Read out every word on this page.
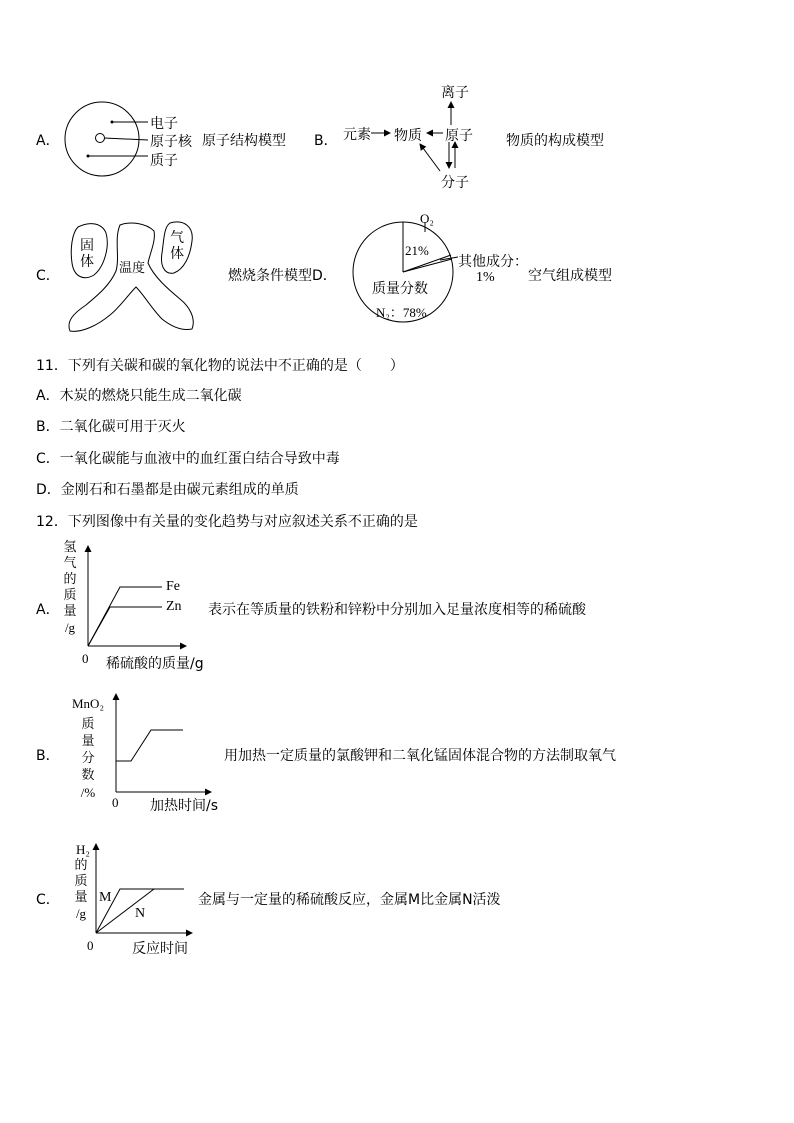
A．
电子
原子核
质子
原子结构模型 B． 元素 物质 原子
离子
分子
物质的构成模型
C．
固体 温度
气体
燃烧条件模型D．
O₂
21%
其他成分：
1%
质量分数
N₂：78%
空气组成模型
11．下列有关碳和碳的氧化物的说法中不正确的是（　　）
A．木炭的燃烧只能生成二氧化碳
B．二氧化碳可用于灭火
C．一氧化碳能与血液中的血红蛋白结合导致中毒
D．金刚石和石墨都是由碳元素组成的单质
12．下列图像中有关量的变化趋势与对应叙述关系不正确的是
A．
氢
气
的
质
量
/g
Fe
Zn
0 稀硫酸的质量/g
表示在等质量的铁粉和锌粉中分别加入足量浓度相等的稀硫酸
B．
MnO₂
质
量
分
数
/%
0 加热时间/s
用加热一定质量的氯酸钾和二氧化锰固体混合物的方法制取氧气
C．
H₂
的
质
量
/g
M
N
0	反应时间
金属与一定量的稀硫酸反应，金属M比金属N活泼
